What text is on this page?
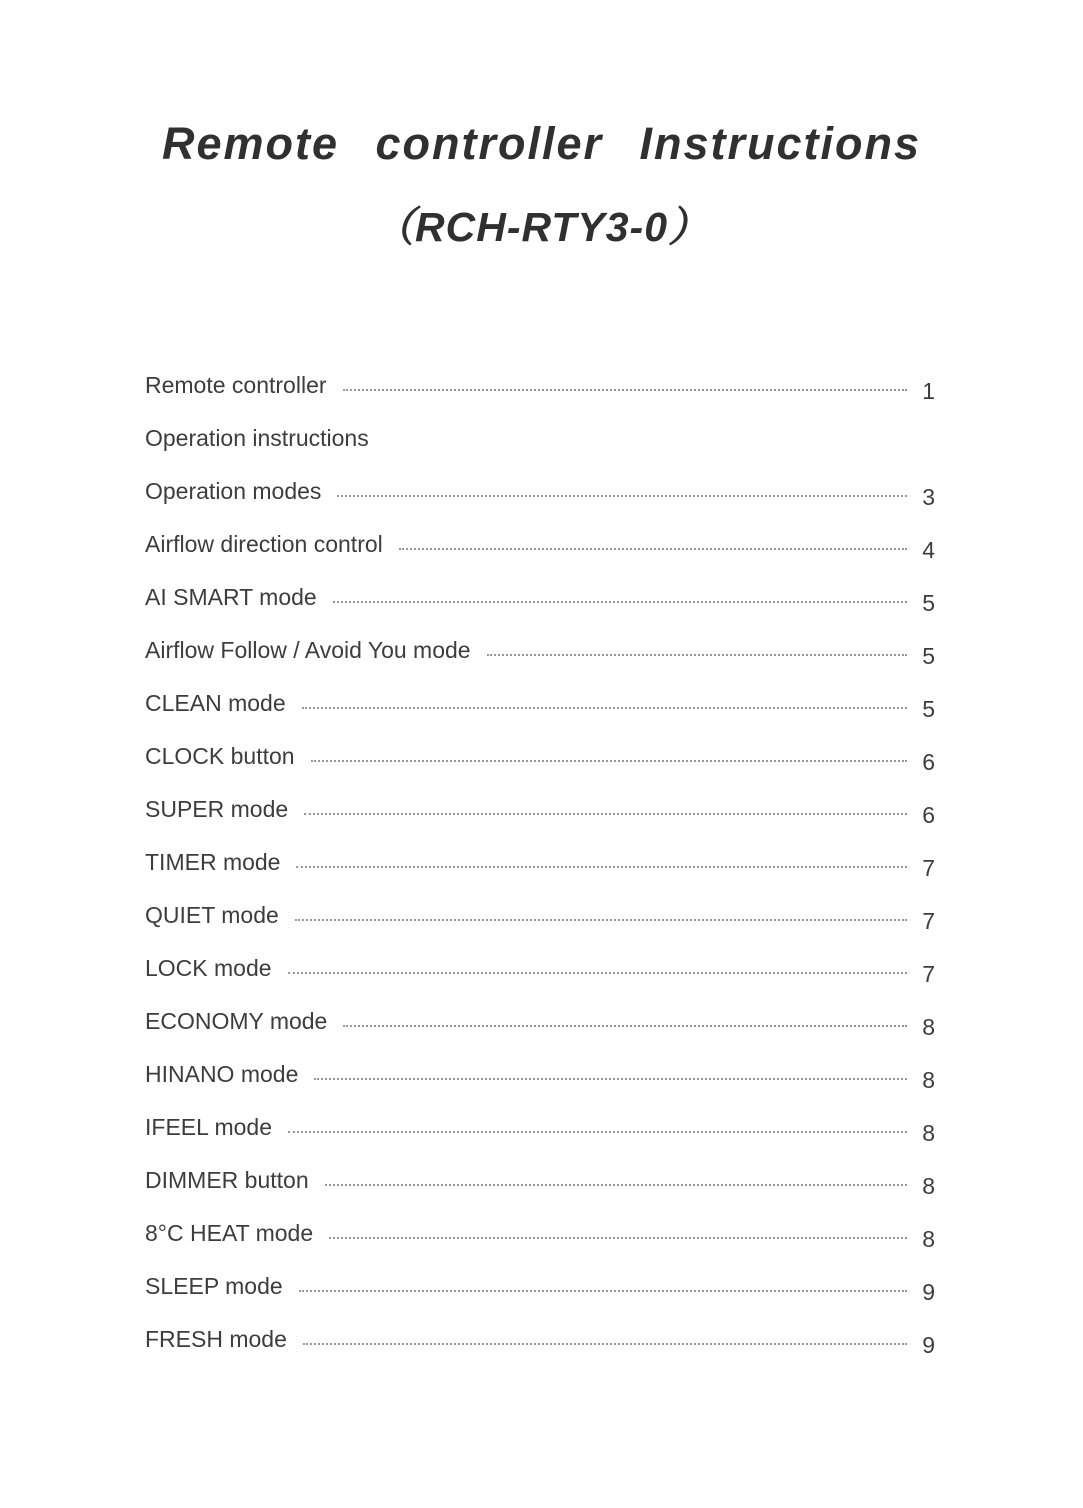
Remote controller Instructions
（RCH-RTY3-0）
Remote controller	1
Operation instructions
Operation modes	3
Airflow direction control	4
AI SMART mode	5
Airflow Follow / Avoid You mode	5
CLEAN mode	5
CLOCK button	6
SUPER mode	6
TIMER mode	7
QUIET mode	7
LOCK mode	7
ECONOMY mode	8
HINANO mode	8
IFEEL mode	8
DIMMER button	8
8°C HEAT mode	8
SLEEP mode	9
FRESH mode	9
